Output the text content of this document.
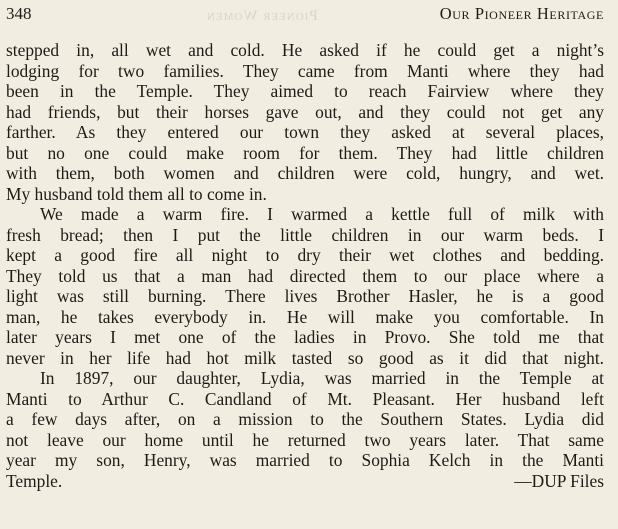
348	Pioneer Women	Our Pioneer Heritage
stepped in, all wet and cold. He asked if he could get a night’s
lodging for two families. They came from Manti where they had
been in the Temple. They aimed to reach Fairview where they
had friends, but their horses gave out, and they could not get any
farther. As they entered our town they asked at several places,
but no one could make room for them. They had little children
with them, both women and children were cold, hungry, and wet.
My husband told them all to come in.
We made a warm fire. I warmed a kettle full of milk with
fresh bread; then I put the little children in our warm beds. I
kept a good fire all night to dry their wet clothes and bedding.
They told us that a man had directed them to our place where a
light was still burning. There lives Brother Hasler, he is a good
man, he takes everybody in. He will make you comfortable. In
later years I met one of the ladies in Provo. She told me that
never in her life had hot milk tasted so good as it did that night.
In 1897, our daughter, Lydia, was married in the Temple at
Manti to Arthur C. Candland of Mt. Pleasant. Her husband left
a few days after, on a mission to the Southern States. Lydia did
not leave our home until he returned two years later. That same
year my son, Henry, was married to Sophia Kelch in the Manti
Temple.	—DUP Files
